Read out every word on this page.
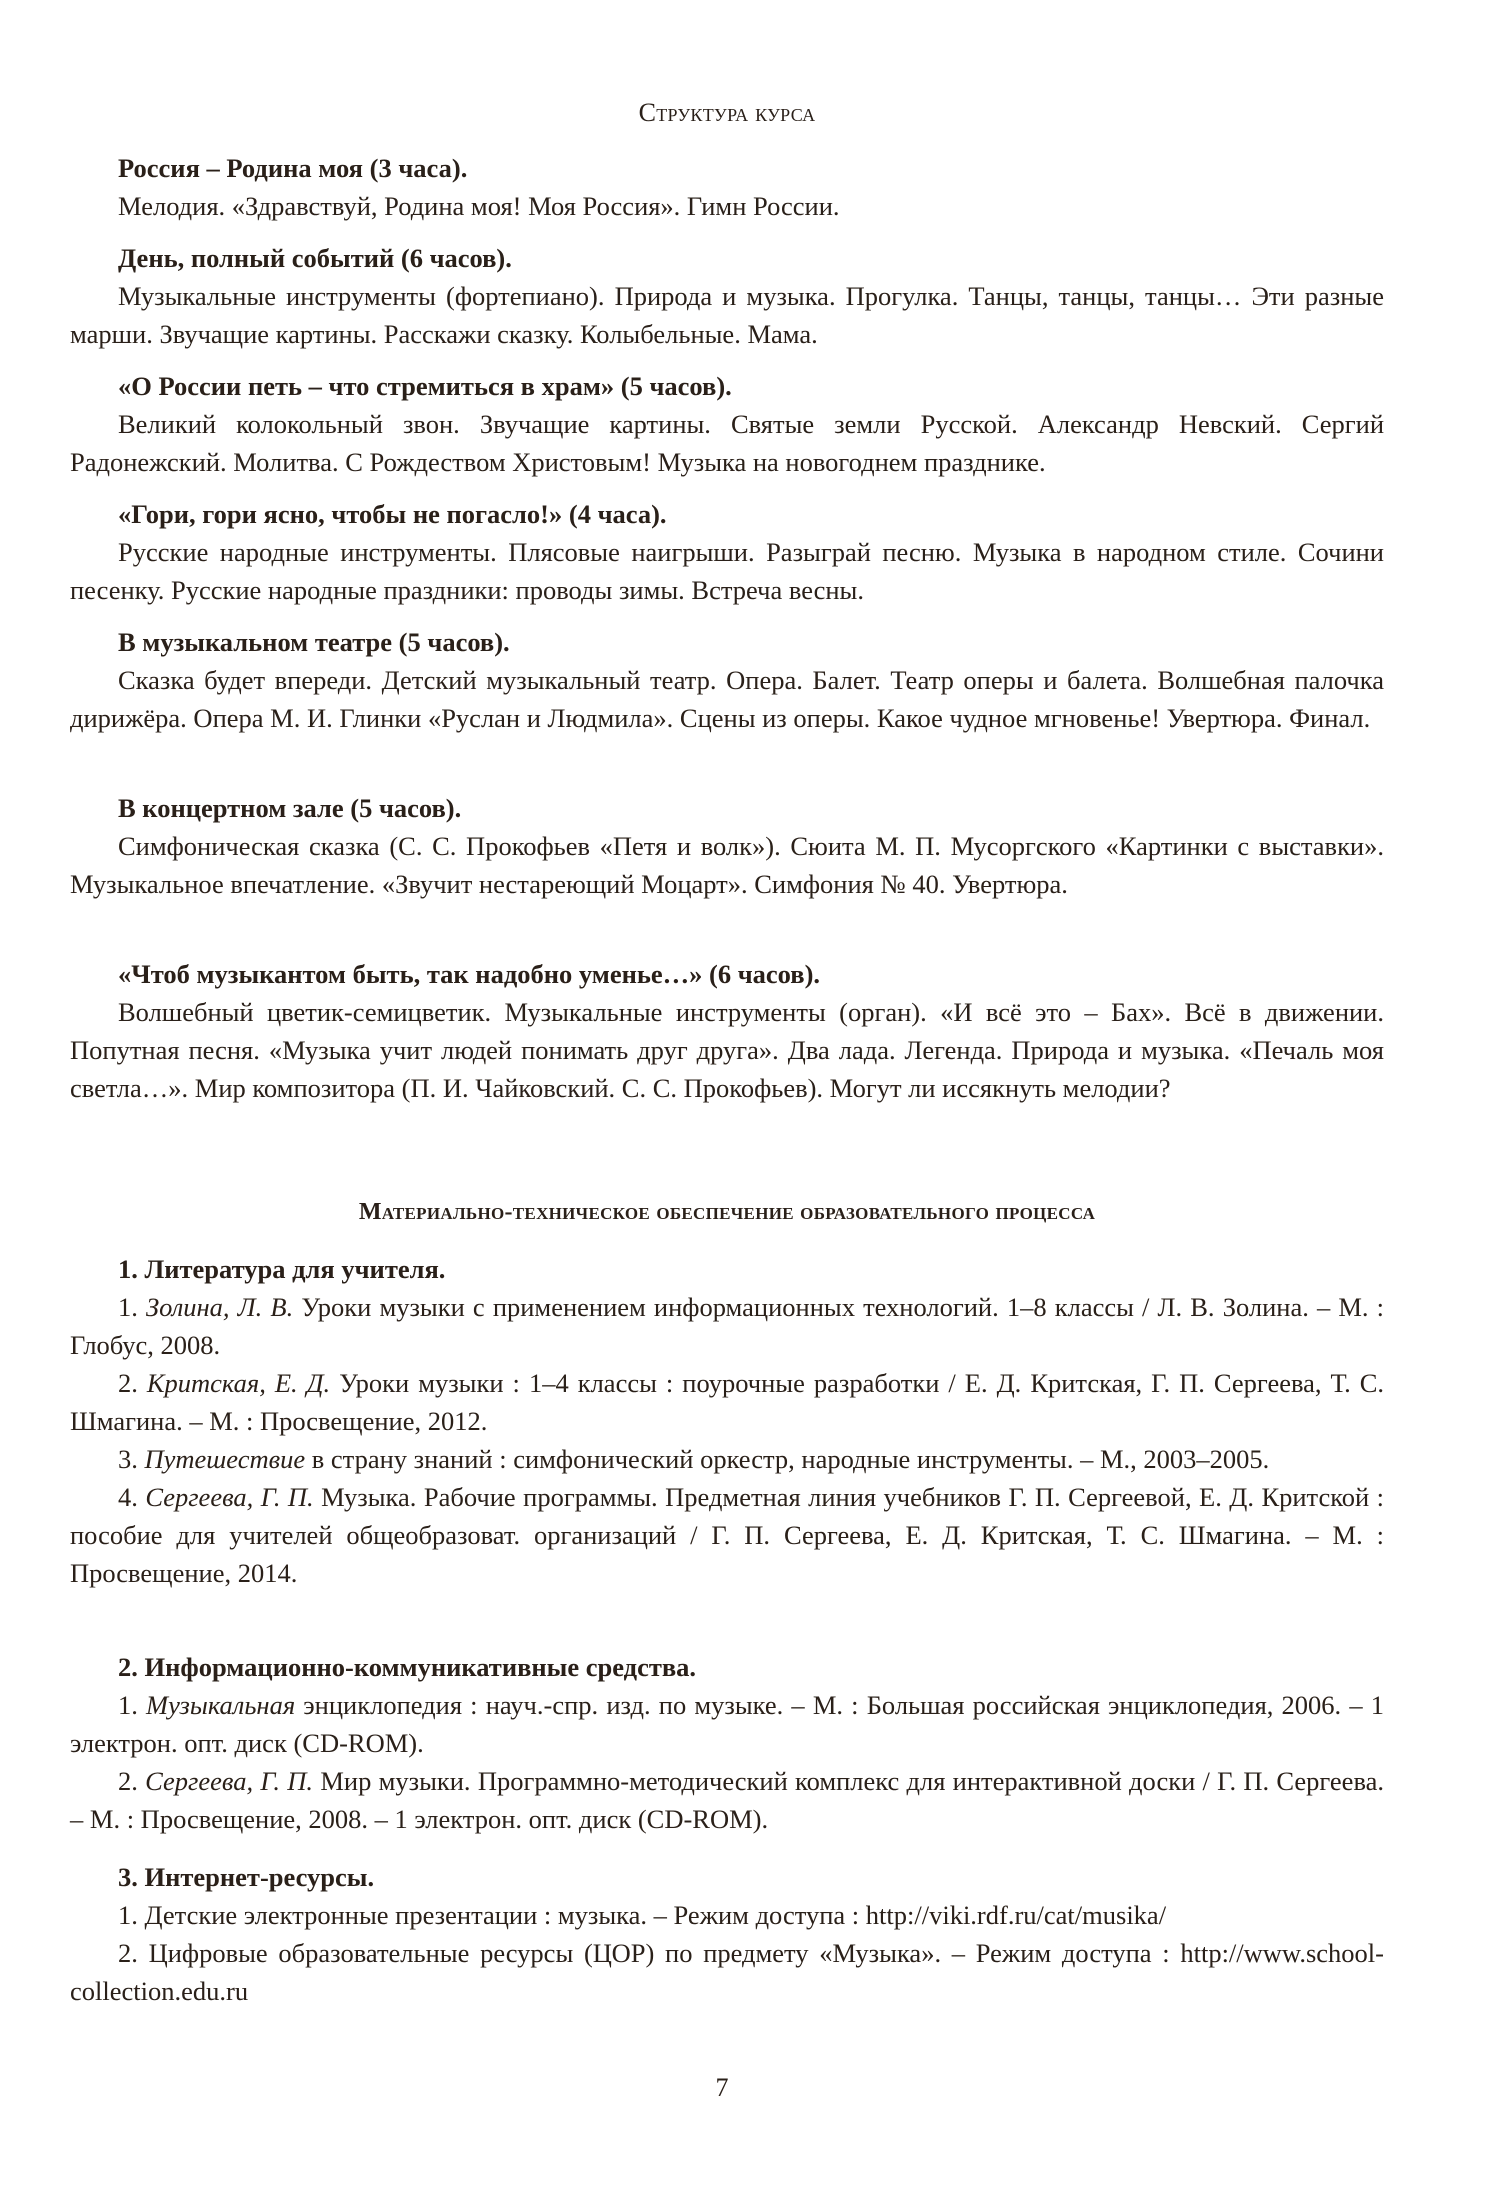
Структура курса

Россия – Родина моя (3 часа).

Мелодия. «Здравствуй, Родина моя! Моя Россия». Гимн России.

День, полный событий (6 часов).

Музыкальные инструменты (фортепиано). Природа и музыка. Прогулка. Танцы, танцы, танцы… Эти разные марши. Звучащие картины. Расскажи сказку. Колыбельные. Мама.

«О России петь – что стремиться в храм» (5 часов).

Великий колокольный звон. Звучащие картины. Святые земли Русской. Александр Невский. Сергий Радонежский. Молитва. С Рождеством Христовым! Музыка на новогоднем празднике.

«Гори, гори ясно, чтобы не погасло!» (4 часа).

Русские народные инструменты. Плясовые наигрыши. Разыграй песню. Музыка в народном стиле. Сочини песенку. Русские народные праздники: проводы зимы. Встреча весны.

В музыкальном театре (5 часов).

Сказка будет впереди. Детский музыкальный театр. Опера. Балет. Театр оперы и балета. Волшебная палочка дирижёра. Опера М. И. Глинки «Руслан и Людмила». Сцены из оперы. Какое чудное мгновенье! Увертюра. Финал.

В концертном зале (5 часов).

Симфоническая сказка (С. С. Прокофьев «Петя и волк»). Сюита М. П. Мусоргского «Картинки с выставки». Музыкальное впечатление. «Звучит нестареющий Моцарт». Симфония № 40. Увертюра.

«Чтоб музыкантом быть, так надобно уменье…» (6 часов).

Волшебный цветик-семицветик. Музыкальные инструменты (орган). «И всё это – Бах». Всё в движении. Попутная песня. «Музыка учит людей понимать друг друга». Два лада. Легенда. Природа и музыка. «Печаль моя светла…». Мир композитора (П. И. Чайковский. С. С. Прокофьев). Могут ли иссякнуть мелодии?

Материально-техническое обеспечение образовательного процесса

1. Литература для учителя.

1. Золина, Л. В. Уроки музыки с применением информационных технологий. 1–8 классы / Л. В. Золина. – М. : Глобус, 2008.

2. Критская, Е. Д. Уроки музыки : 1–4 классы : поурочные разработки / Е. Д. Критская, Г. П. Сергеева, Т. С. Шмагина. – М. : Просвещение, 2012.

3. Путешествие в страну знаний : симфонический оркестр, народные инструменты. – М., 2003–2005.

4. Сергеева, Г. П. Музыка. Рабочие программы. Предметная линия учебников Г. П. Сергеевой, Е. Д. Критской : пособие для учителей общеобразоват. организаций / Г. П. Сергеева, Е. Д. Критская, Т. С. Шмагина. – М. : Просвещение, 2014.

2. Информационно-коммуникативные средства.

1. Музыкальная энциклопедия : науч.-спр. изд. по музыке. – М. : Большая российская энциклопедия, 2006. – 1 электрон. опт. диск (CD-ROM).

2. Сергеева, Г. П. Мир музыки. Программно-методический комплекс для интерактивной доски / Г. П. Сергеева. – М. : Просвещение, 2008. – 1 электрон. опт. диск (CD-ROM).

3. Интернет-ресурсы.

1. Детские электронные презентации : музыка. – Режим доступа : http://viki.rdf.ru/cat/musika/

2. Цифровые образовательные ресурсы (ЦОР) по предмету «Музыка». – Режим доступа : http://www.school-collection.edu.ru

7
